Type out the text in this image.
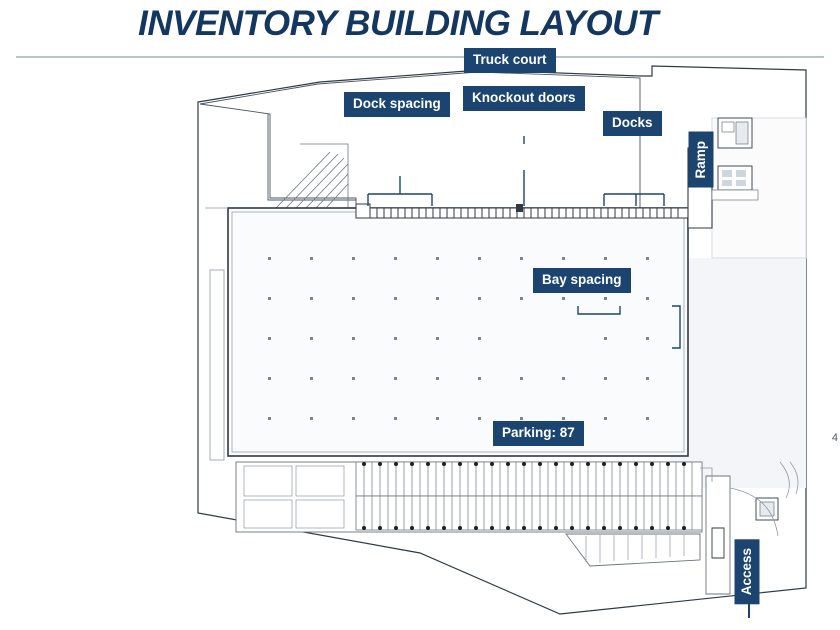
INVENTORY BUILDING LAYOUT
Truck court
Knockout doors
Dock spacing
Docks
Ramp
Bay spacing
Parking: 87
Access
4
